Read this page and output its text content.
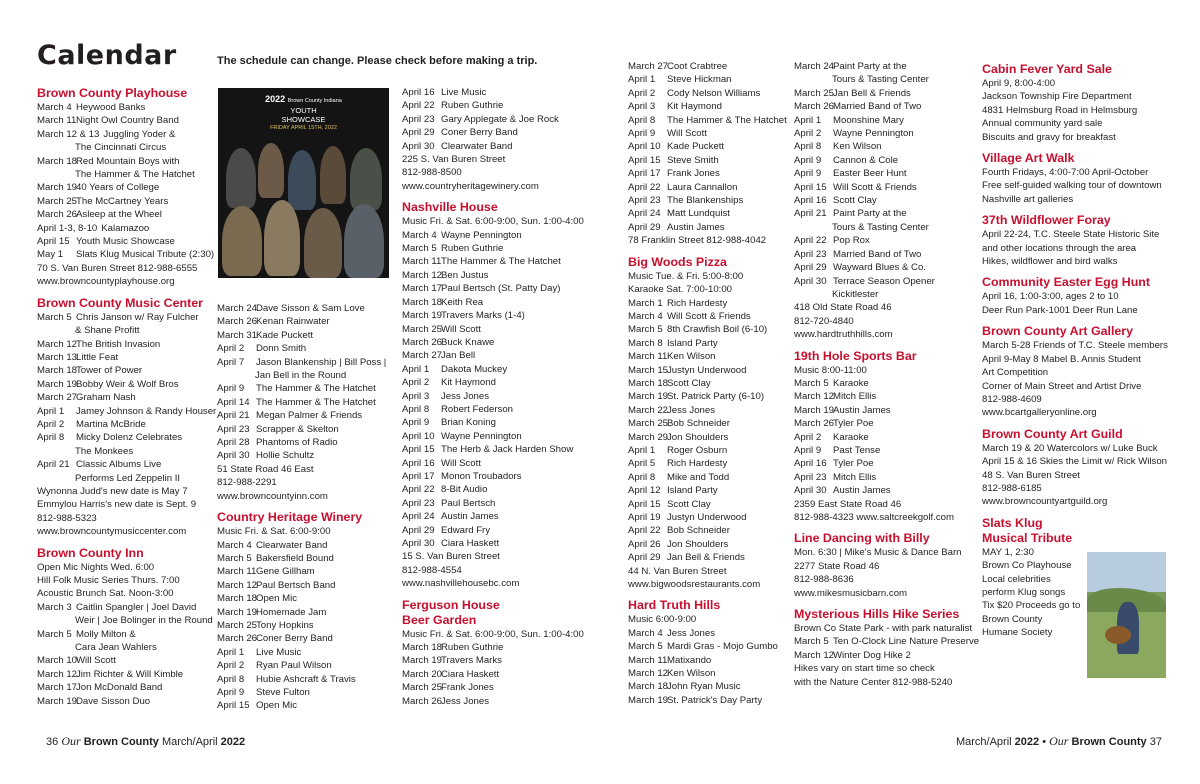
Calendar	The schedule can change. Please check before making a trip.
2022 Brown County Indiana
YOUTH
SHOWCASE
FRIDAY APRIL 15TH, 2022
Brown County Playhouse
March 4 Heywood Banks
March 11Night Owl Country Band
March 12 & 13 Juggling Yoder &
The Cincinnati Circus
March 18Red Mountain Boys with
The Hammer & The Hatchet
March 1940 Years of College
March 25The McCartney Years
March 26Asleep at the Wheel
April 1-3, 8-10 Kalamazoo
April 15 Youth Music Showcase
May 1 Slats Klug Musical Tribute (2:30)
70 S. Van Buren Street 812-988-6555
www.browncountyplayhouse.org
Brown County Music Center
March 5 Chris Janson w/ Ray Fulcher
& Shane Profitt
March 12The British Invasion
March 13Little Feat
March 18Tower of Power
March 19Bobby Weir & Wolf Bros
March 27Graham Nash
April 1 Jamey Johnson & Randy Houser
April 2 Martina McBride
April 8 Micky Dolenz Celebrates
The Monkees
April 21 Classic Albums Live
Performs Led Zeppelin II
Wynonna Judd's new date is May 7
Emmylou Harris's new date is Sept. 9
812-988-5323
www.browncountymusiccenter.com
Brown County Inn
Open Mic Nights Wed. 6:00
Hill Folk Music Series Thurs. 7:00
Acoustic Brunch Sat. Noon-3:00
March 3 Caitlin Spangler | Joel David
Weir | Joe Bolinger in the Round
March 5 Molly Milton &
Cara Jean Wahlers
March 10Will Scott
March 12Jim Richter & Will Kimble
March 17Jon McDonald Band
March 19Dave Sisson Duo
March 24Dave Sisson & Sam Love
March 26Kenan Rainwater
March 31Kade Puckett
April 2 Donn Smith
April 7 Jason Blankenship | Bill Poss |
Jan Bell in the Round
April 9 The Hammer & The Hatchet
April 14 The Hammer & The Hatchet
April 21 Megan Palmer & Friends
April 23 Scrapper & Skelton
April 28 Phantoms of Radio
April 30 Hollie Schultz
51 State Road 46 East
812-988-2291
www.browncountyinn.com
Country Heritage Winery
Music Fri. & Sat. 6:00-9:00
March 4 Clearwater Band
March 5 Bakersfield Bound
March 11Gene Gillham
March 12Paul Bertsch Band
March 18Open Mic
March 19Homemade Jam
March 25Tony Hopkins
March 26Coner Berry Band
April 1 Live Music
April 2 Ryan Paul Wilson
April 8 Hubie Ashcraft & Travis
April 9 Steve Fulton
April 15 Open Mic
April 16 Live Music
April 22 Ruben Guthrie
April 23 Gary Applegate & Joe Rock
April 29 Coner Berry Band
April 30 Clearwater Band
225 S. Van Buren Street
812-988-8500
www.countryheritagewinery.com
Nashville House
Music Fri. & Sat. 6:00-9:00, Sun. 1:00-4:00
March 4 Wayne Pennington
March 5 Ruben Guthrie
March 11The Hammer & The Hatchet
March 12Ben Justus
March 17Paul Bertsch (St. Patty Day)
March 18Keith Rea
March 19Travers Marks (1-4)
March 25Will Scott
March 26Buck Knawe
March 27Jan Bell
April 1 Dakota Muckey
April 2 Kit Haymond
April 3 Jess Jones
April 8 Robert Federson
April 9 Brian Koning
April 10 Wayne Pennington
April 15 The Herb & Jack Harden Show
April 16 Will Scott
April 17 Monon Troubadors
April 22 8-Bit Audio
April 23 Paul Bertsch
April 24 Austin James
April 29 Edward Fry
April 30 Ciara Haskett
15 S. Van Buren Street
812-988-4554
www.nashvillehousebc.com
Ferguson House
Beer Garden
Music Fri. & Sat. 6:00-9:00, Sun. 1:00-4:00
March 18Ruben Guthrie
March 19Travers Marks
March 20Ciara Haskett
March 25Frank Jones
March 26Jess Jones
March 27Coot Crabtree
April 1 Steve Hickman
April 2 Cody Nelson Williams
April 3 Kit Haymond
April 8 The Hammer & The Hatchet
April 9 Will Scott
April 10 Kade Puckett
April 15 Steve Smith
April 17 Frank Jones
April 22 Laura Cannallon
April 23 The Blankenships
April 24 Matt Lundquist
April 29 Austin James
78 Franklin Street 812-988-4042
Big Woods Pizza
Music Tue. & Fri. 5:00-8:00
Karaoke Sat. 7:00-10:00
March 1 Rich Hardesty
March 4 Will Scott & Friends
March 5 8th Crawfish Boil (6-10)
March 8 Island Party
March 11Ken Wilson
March 15Justyn Underwood
March 18Scott Clay
March 19St. Patrick Party (6-10)
March 22Jess Jones
March 25Bob Schneider
March 29Jon Shoulders
April 1 Roger Osburn
April 5 Rich Hardesty
April 8 Mike and Todd
April 12 Island Party
April 15 Scott Clay
April 19 Justyn Underwood
April 22 Bob Schneider
April 26 Jon Shoulders
April 29 Jan Bell & Friends
44 N. Van Buren Street
www.bigwoodsrestaurants.com
Hard Truth Hills
Music 6:00-9:00
March 4 Jess Jones
March 5 Mardi Gras - Mojo Gumbo
March 11Matixando
March 12Ken Wilson
March 18John Ryan Music
March 19St. Patrick's Day Party
March 24Paint Party at the
Tours & Tasting Center
March 25Jan Bell & Friends
March 26Married Band of Two
April 1 Moonshine Mary
April 2 Wayne Pennington
April 8 Ken Wilson
April 9 Cannon & Cole
April 9 Easter Beer Hunt
April 15 Will Scott & Friends
April 16 Scott Clay
April 21 Paint Party at the
Tours & Tasting Center
April 22 Pop Rox
April 23 Married Band of Two
April 29 Wayward Blues & Co.
April 30 Terrace Season Opener
Kickitlester
418 Old State Road 46
812-720-4840
www.hardtruthhills.com
19th Hole Sports Bar
Music 8:00-11:00
March 5 Karaoke
March 12Mitch Ellis
March 19Austin James
March 26Tyler Poe
April 2 Karaoke
April 9 Past Tense
April 16 Tyler Poe
April 23 Mitch Ellis
April 30 Austin James
2359 East State Road 46
812-988-4323 www.saltcreekgolf.com
Line Dancing with Billy
Mon. 6:30 | Mike's Music & Dance Barn
2277 State Road 46
812-988-8636
www.mikesmusicbarn.com
Mysterious Hills Hike Series
Brown Co State Park - with park naturalist
March 5 Ten O-Clock Line Nature Preserve
March 12Winter Dog Hike 2
Hikes vary on start time so check
with the Nature Center 812-988-5240
Cabin Fever Yard Sale
April 9, 8:00-4:00
Jackson Township Fire Department
4831 Helmsburg Road in Helmsburg
Annual community yard sale
Biscuits and gravy for breakfast
Village Art Walk
Fourth Fridays, 4:00-7:00 April-October
Free self-guided walking tour of downtown
Nashville art galleries
37th Wildflower Foray
April 22-24, T.C. Steele State Historic Site
and other locations through the area
Hikes, wildflower and bird walks
Community Easter Egg Hunt
April 16, 1:00-3:00, ages 2 to 10
Deer Run Park-1001 Deer Run Lane
Brown County Art Gallery
March 5-28 Friends of T.C. Steele members
April 9-May 8 Mabel B. Annis Student
Art Competition
Corner of Main Street and Artist Drive
812-988-4609
www.bcartgalleryonline.org
Brown County Art Guild
March 19 & 20 Watercolors w/ Luke Buck
April 15 & 16 Skies the Limit w/ Rick Wilson
48 S. Van Buren Street
812-988-6185
www.browncountyartguild.org
Slats Klug
Musical Tribute
MAY 1, 2:30
Brown Co Playhouse
Local celebrities
perform Klug songs
Tix $20 Proceeds go to
Brown County
Humane Society
36 Our Brown County March/April 2022	March/April 2022 • Our Brown County 37
